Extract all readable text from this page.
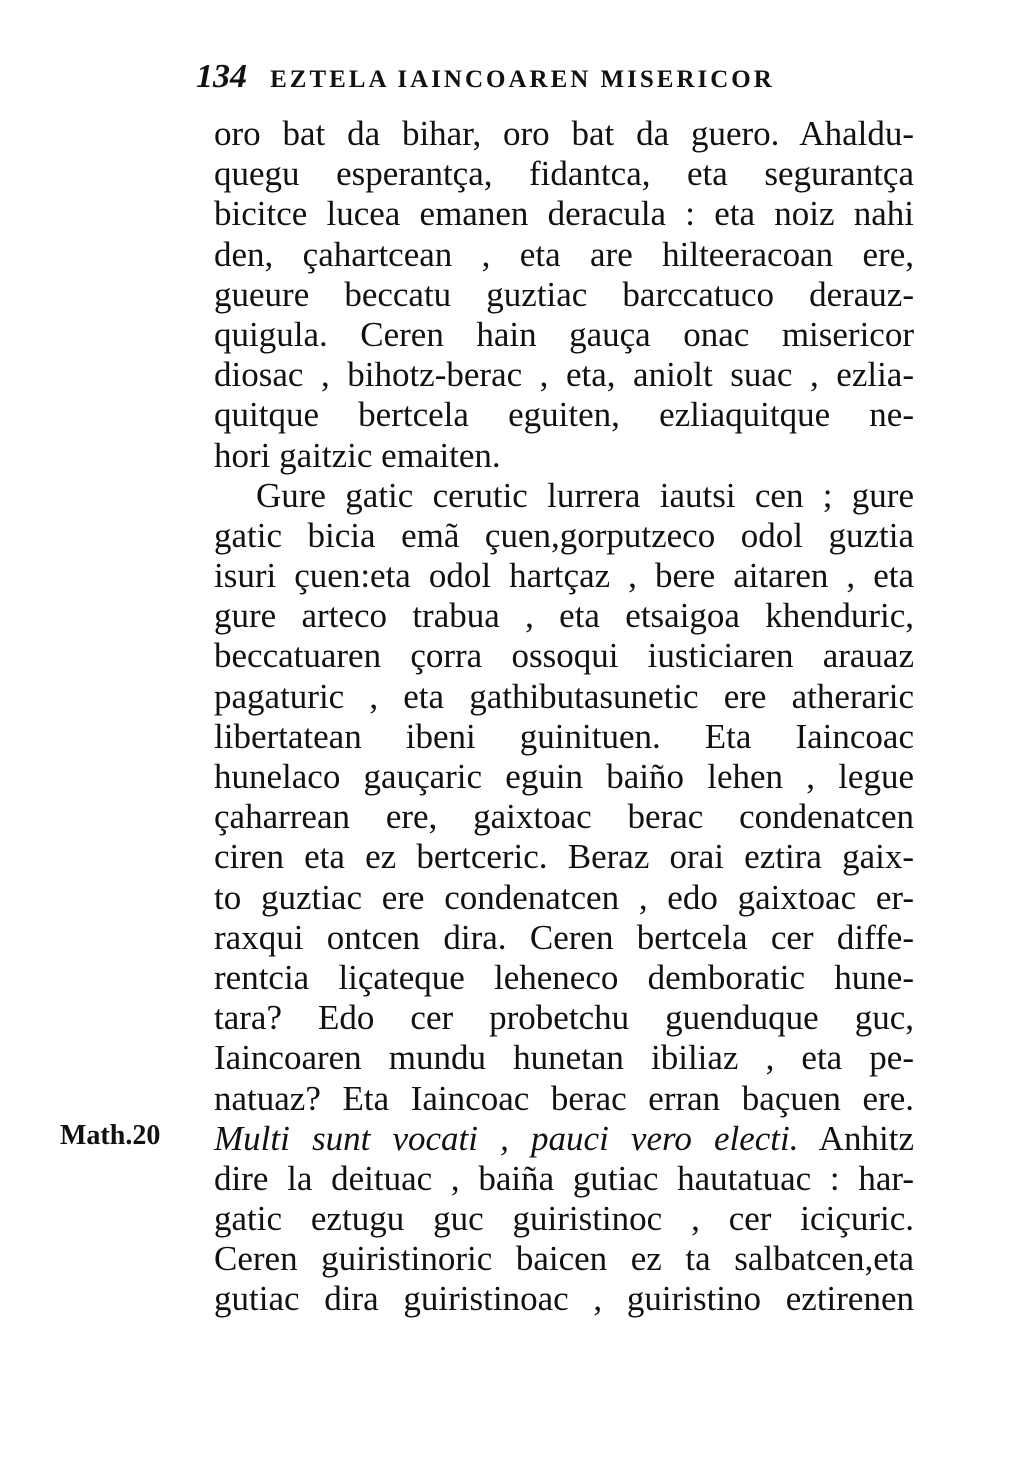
134 EZTELA IAINCOAREN MISERICOR
Math.20
oro bat da bihar, oro bat da guero. Ahaldu-
quegu esperantça, fidantca, eta segurantça
bicitce lucea emanen deracula : eta noiz nahi
den, çahartcean , eta are hilteeracoan ere,
gueure beccatu guztiac barccatuco derauz-
quigula. Ceren hain gauça onac misericor
diosac , bihotz-berac , eta, aniolt suac , ezlia-
quitque bertcela eguiten, ezliaquitque ne-
hori gaitzic emaiten.
Gure gatic cerutic lurrera iautsi cen ; gure
gatic bicia emã çuen,gorputzeco odol guztia
isuri çuen:eta odol hartçaz , bere aitaren , eta
gure arteco trabua , eta etsaigoa khenduric,
beccatuaren çorra ossoqui iusticiaren arauaz
pagaturic , eta gathibutasunetic ere atheraric
libertatean ibeni guinituen. Eta Iaincoac
hunelaco gauçaric eguin baiño lehen , legue
çaharrean ere, gaixtoac berac condenatcen
ciren eta ez bertceric. Beraz orai eztira gaix-
to guztiac ere condenatcen , edo gaixtoac er-
raxqui ontcen dira. Ceren bertcela cer diffe-
rentcia liçateque leheneco demboratic hune-
tara? Edo cer probetchu guenduque guc,
Iaincoaren mundu hunetan ibiliaz , eta pe-
natuaz? Eta Iaincoac berac erran baçuen ere.
Multi sunt vocati , pauci vero electi. Anhitz
dire la deituac , baiña gutiac hautatuac : har-
gatic eztugu guc guiristinoc , cer iciçuric.
Ceren guiristinoric baicen ez ta salbatcen,eta
gutiac dira guiristinoac , guiristino eztirenen
